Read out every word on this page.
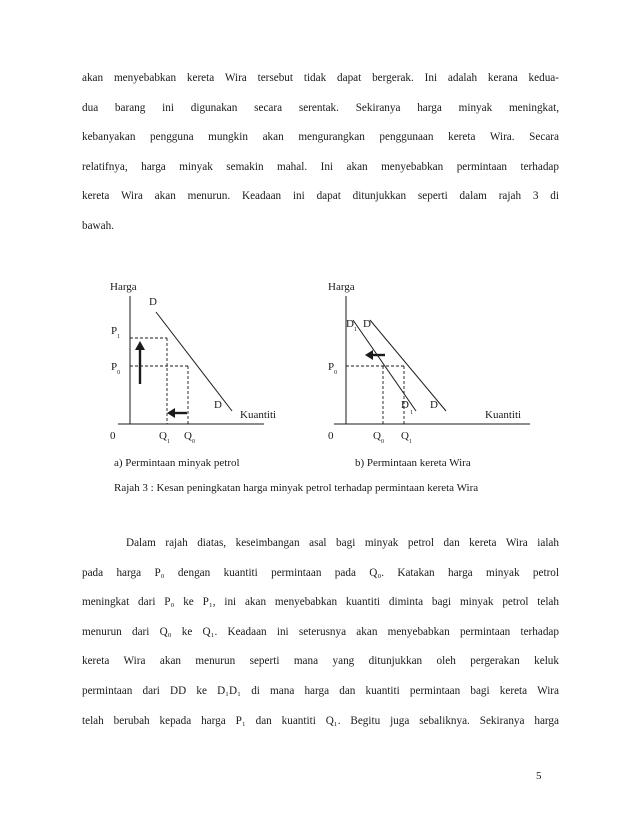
akan menyebabkan kereta Wira tersebut tidak dapat bergerak. Ini adalah kerana kedua-
dua barang ini digunakan secara serentak. Sekiranya harga minyak meningkat,
kebanyakan pengguna mungkin akan mengurangkan penggunaan kereta Wira. Secara
relatifnya, harga minyak semakin mahal. Ini akan menyebabkan permintaan terhadap
kereta Wira akan menurun. Keadaan ini dapat ditunjukkan seperti dalam rajah 3 di
bawah.
Harga
Kuantiti
0
D
D
$P_1$
$P_0$
$Q_1$ $Q_0$
a) Permintaan minyak petrol
Harga
Kuantiti
0
$D_1$ D
$D_1$
D
$P_0$
$Q_0$ $Q_1$
b) Permintaan kereta Wira
Rajah 3 : Kesan peningkatan harga minyak petrol terhadap permintaan kereta Wira
Dalam rajah diatas, keseimbangan asal bagi minyak petrol dan kereta Wira ialah
pada harga P₀ dengan kuantiti permintaan pada Q₀. Katakan harga minyak petrol
meningkat dari P₀ ke P₁, ini akan menyebabkan kuantiti diminta bagi minyak petrol telah
menurun dari Q₀ ke Q₁. Keadaan ini seterusnya akan menyebabkan permintaan terhadap
kereta Wira akan menurun seperti mana yang ditunjukkan oleh pergerakan keluk
permintaan dari DD ke D₁D₁ di mana harga dan kuantiti permintaan bagi kereta Wira
telah berubah kepada harga P₁ dan kuantiti Q₁. Begitu juga sebaliknya. Sekiranya harga
5
